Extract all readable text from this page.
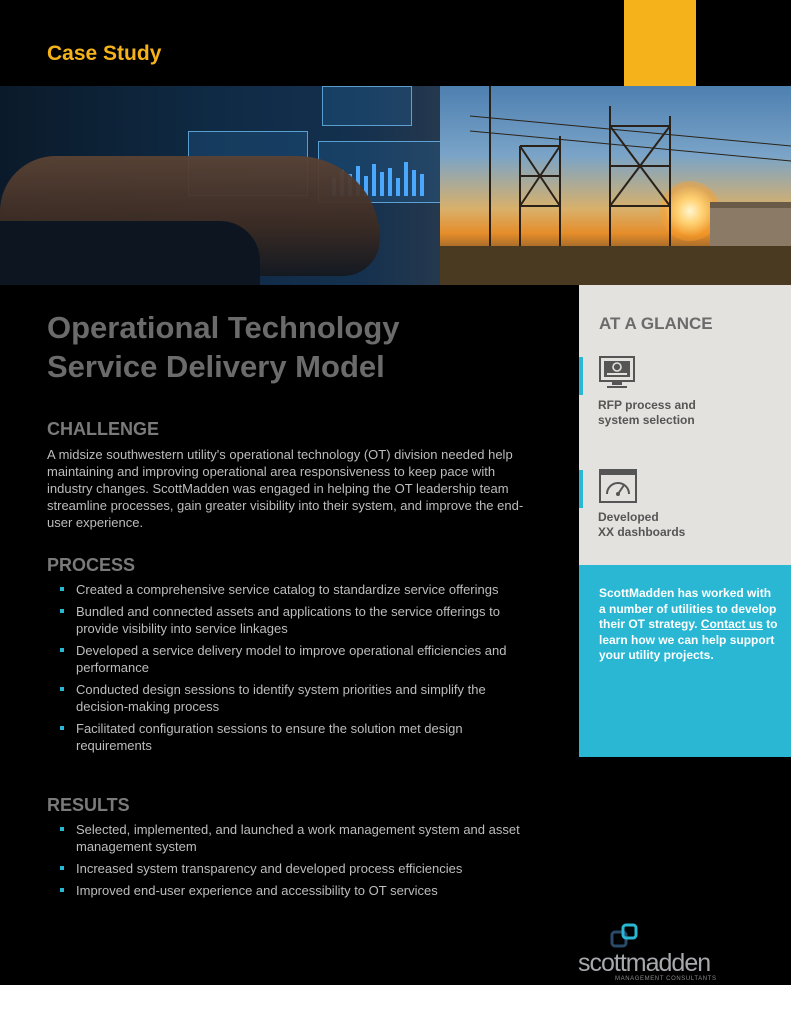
Case Study
Operational Technology
Service Delivery Model
CHALLENGE
A midsize southwestern utility's operational technology (OT) division needed help maintaining and improving operational area responsiveness to keep pace with industry changes. ScottMadden was engaged in helping the OT leadership team streamline processes, gain greater visibility into their system, and improve the end-user experience.
PROCESS
Created a comprehensive service catalog to standardize service offerings
Bundled and connected assets and applications to the service offerings to provide visibility into service linkages
Developed a service delivery model to improve operational efficiencies and performance
Conducted design sessions to identify system priorities and simplify the decision-making process
Facilitated configuration sessions to ensure the solution met design requirements
RESULTS
Selected, implemented, and launched a work management system and asset management system
Increased system transparency and developed process efficiencies
Improved end-user experience and accessibility to OT services
AT A GLANCE
RFP process and
system selection
Developed
XX dashboards
ScottMadden has worked with a number of utilities to develop their OT strategy. Contact us to learn how we can help support your utility projects.
scottmadden
MANAGEMENT CONSULTANTS
